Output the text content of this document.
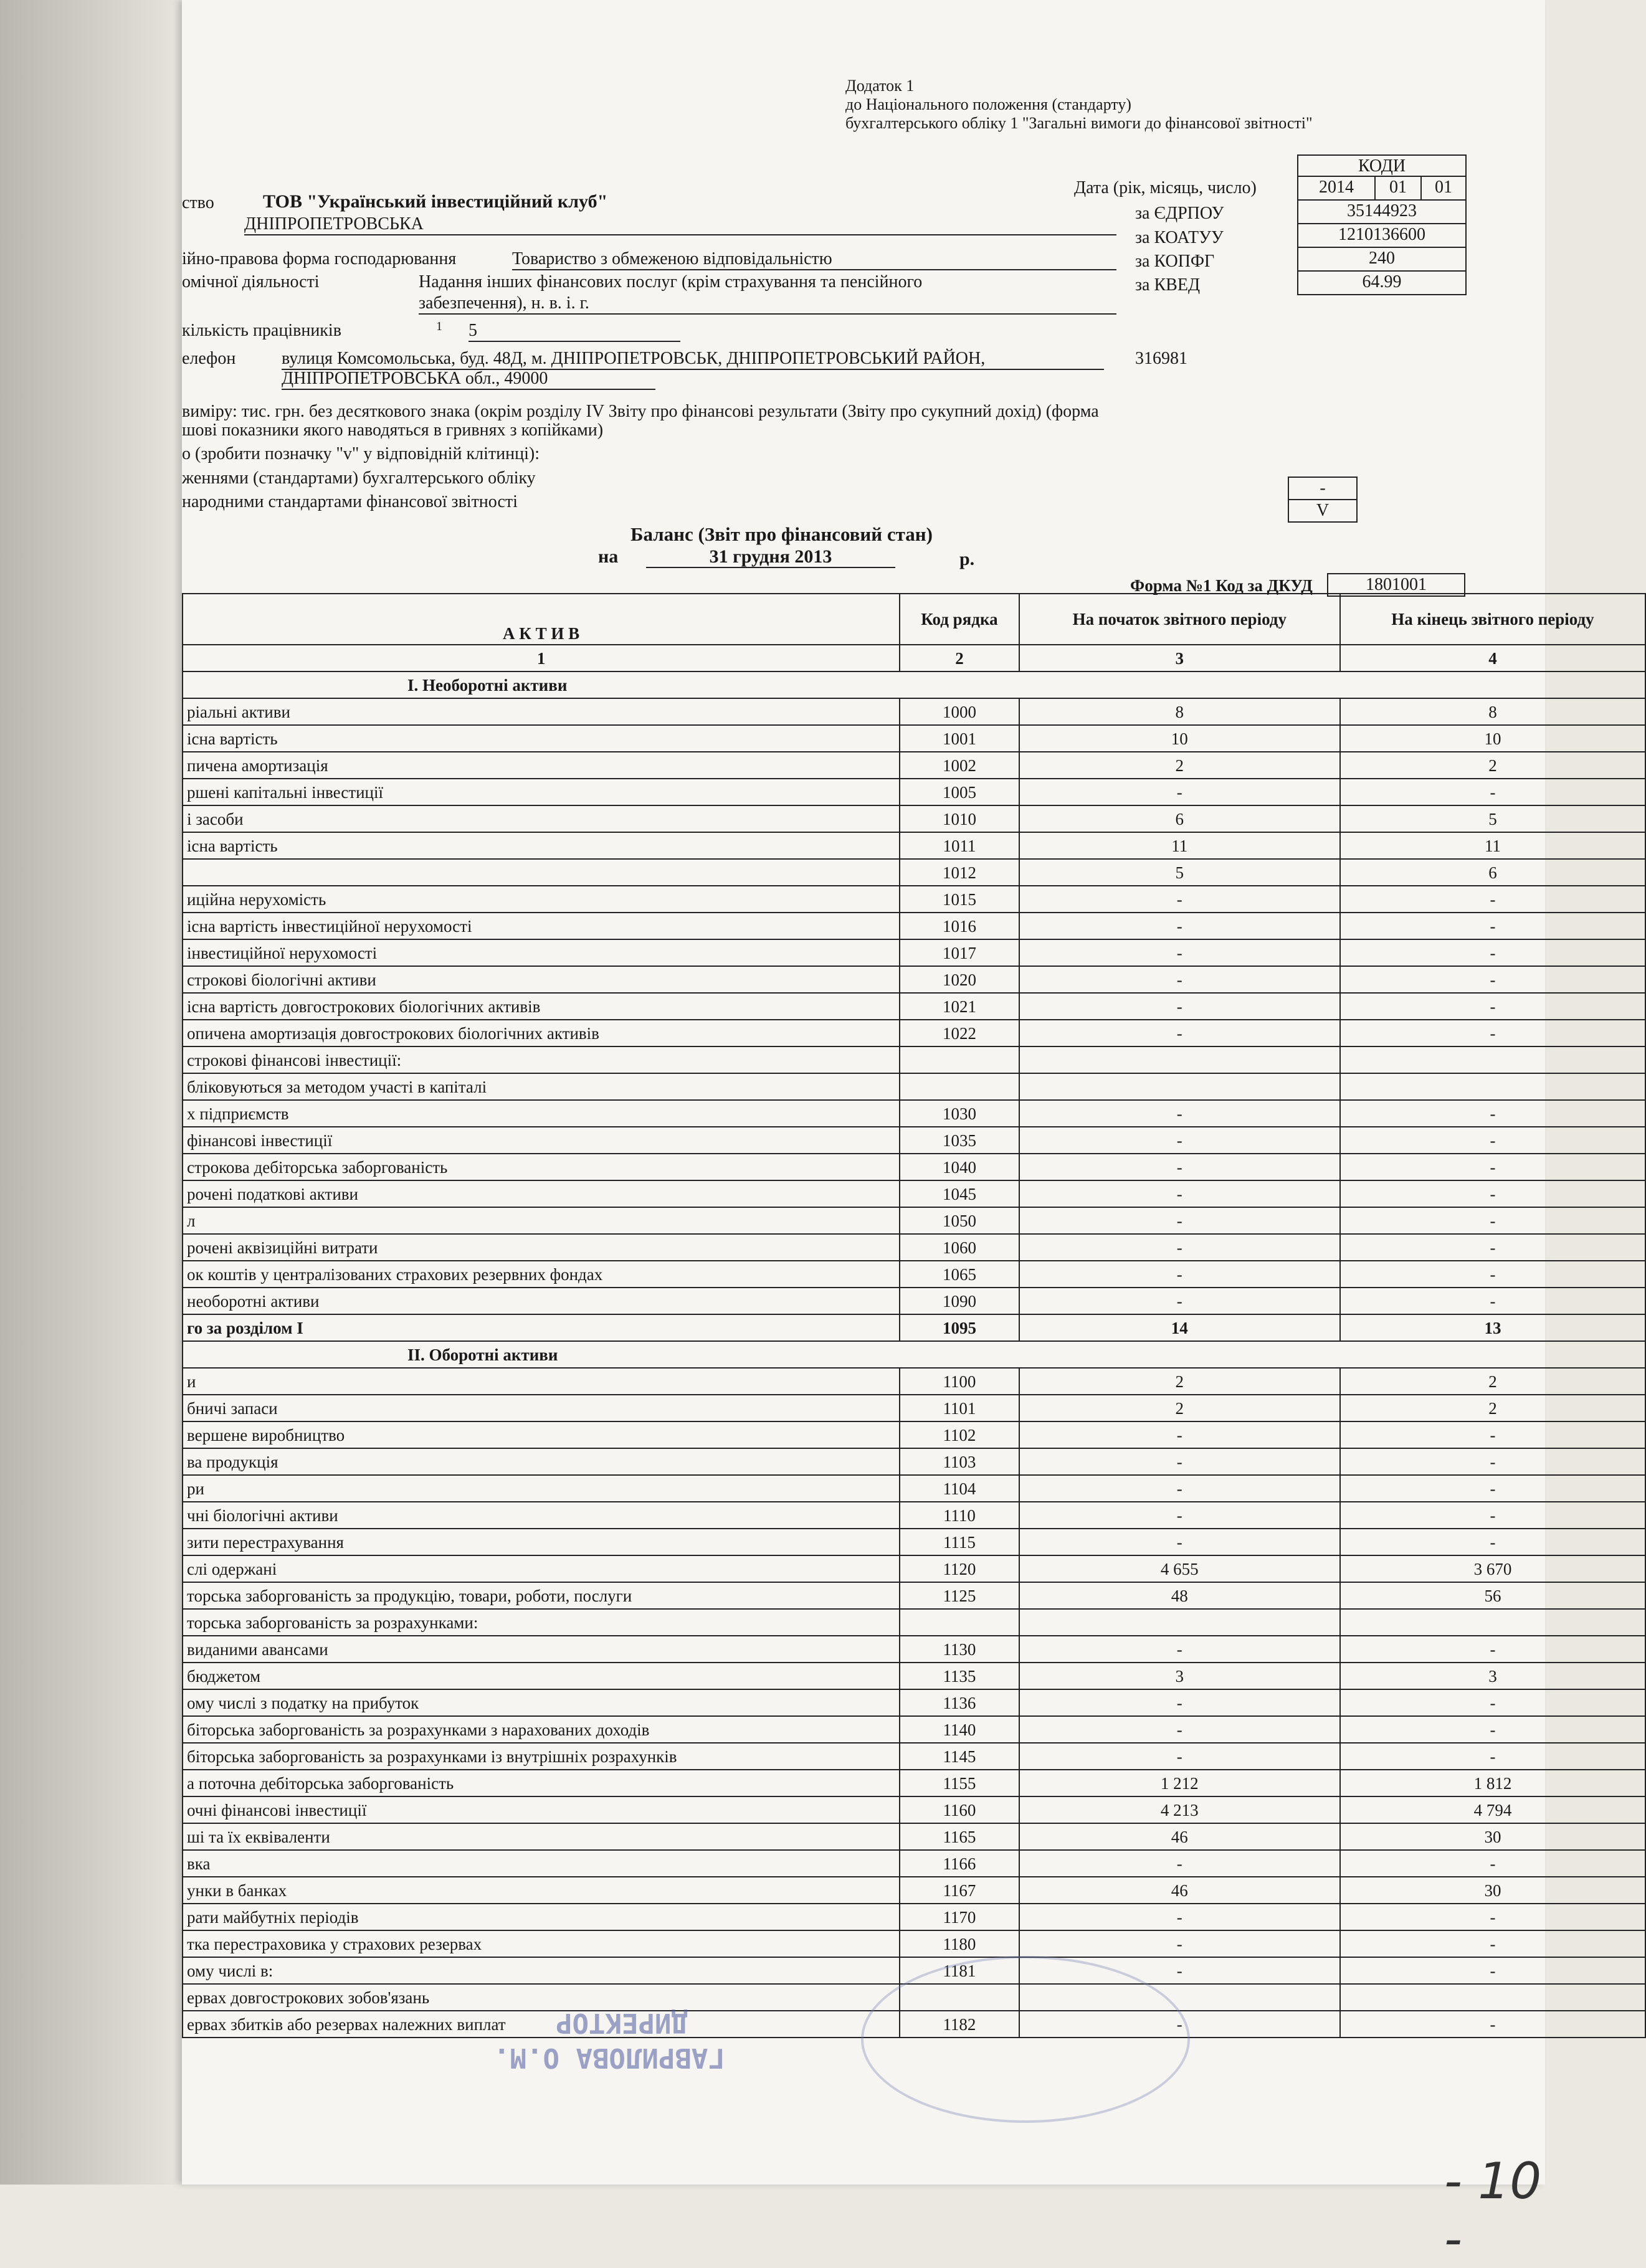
Додаток 1
до Національного положення (стандарту)
бухгалтерського обліку 1 "Загальні вимоги до фінансової звітності"
КОДИ
Дата (рік, місяць, число)	2014	01	01
за ЄДРПОУ	35144923
за КОАТУУ	1210136600
за КОПФГ	240
за КВЕД	64.99
ство	ТОВ "Український інвестиційний клуб"
ДНІПРОПЕТРОВСЬКА
ійно-правова форма господарювання	Товариство з обмеженою відповідальністю
омічної діяльності	Надання інших фінансових послуг (крім страхування та пенсійного
забезпечення), н. в. і. г.
кількість працівників	1 5
елефон	вулиця Комсомольська, буд. 48Д, м. ДНІПРОПЕТРОВСЬК, ДНІПРОПЕТРОВСЬКИЙ РАЙОН,	316981
ДНІПРОПЕТРОВСЬКА обл., 49000
виміру: тис. грн. без десяткового знака (окрім розділу IV Звіту про фінансові результати (Звіту про сукупний дохід) (форма
шові показники якого наводяться в гривнях з копійками)
о (зробити позначку "v" у відповідній клітинці):
женнями (стандартами) бухгалтерського обліку
-
народними стандартами фінансової звітності	V
Баланс (Звіт про фінансовий стан)
на	31 грудня 2013	р.
Форма №1 Код за ДКУД	1801001
А К Т И В	Код рядка	На початок звітного періоду	На кінець звітного періоду
1	2	3	4
І. Необоротні активи			
ріальні активи	1000	8	8
існа вартість	1001	10	10
пичена амортизація	1002	2	2
ршені капітальні інвестиції	1005	-	-
і засоби	1010	6	5
існа вартість	1011	11	11
	1012	5	6
иційна нерухомість	1015	-	-
існа вартість інвестиційної нерухомості	1016	-	-
інвестиційної нерухомості	1017	-	-
строкові біологічні активи	1020	-	-
існа вартість довгострокових біологічних активів	1021	-	-
опичена амортизація довгострокових біологічних активів	1022	-	-
строкові фінансові інвестиції:			
бліковуються за методом участі в капіталі			
х підприємств	1030	-	-
фінансові інвестиції	1035	-	-
строкова дебіторська заборгованість	1040	-	-
рочені податкові активи	1045	-	-
л	1050	-	-
рочені аквізиційні витрати	1060	-	-
ок коштів у централізованих страхових резервних фондах	1065	-	-
необоротні активи	1090	-	-
го за розділом І	1095	14	13
ІІ. Оборотні активи			
и	1100	2	2
бничі запаси	1101	2	2
вершене виробництво	1102	-	-
ва продукція	1103	-	-
ри	1104	-	-
чні біологічні активи	1110	-	-
зити перестрахування	1115	-	-
слі одержані	1120	4 655	3 670
торська заборгованість за продукцію, товари, роботи, послуги	1125	48	56
торська заборгованість за розрахунками:			
виданими авансами	1130	-	-
бюджетом	1135	3	3
ому числі з податку на прибуток	1136	-	-
біторська заборгованість за розрахунками з нарахованих доходів	1140	-	-
біторська заборгованість за розрахунками із внутрішніх розрахунків	1145	-	-
а поточна дебіторська заборгованість	1155	1 212	1 812
очні фінансові інвестиції	1160	4 213	4 794
ші та їх еквіваленти	1165	46	30
вка	1166	-	-
унки в банках	1167	46	30
рати майбутніх періодів	1170	-	-
тка перестраховика у страхових резервах	1180	-	-
ому числі в:	1181	-	-
ервах довгострокових зобов'язань			
ервах збитків або резервах належних виплат	1182	-	-
ДИРЕКТОР
ГАВРИЛОВА О.М.
- 10 -
